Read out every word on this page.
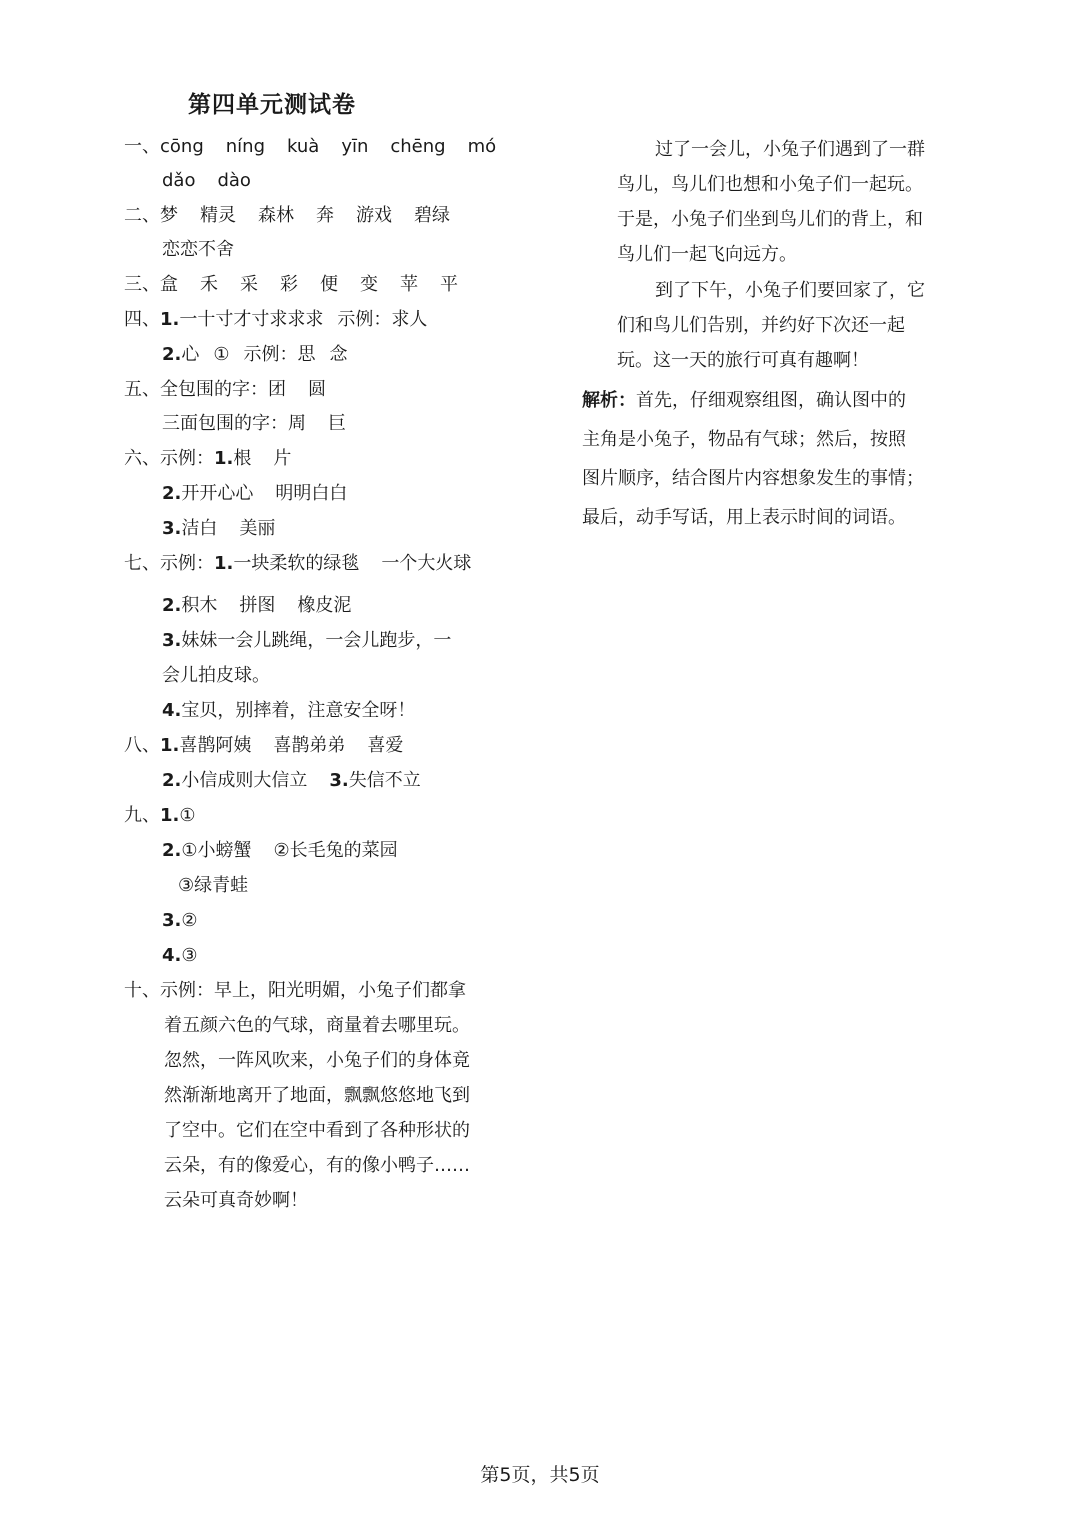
第四单元测试卷
一、cōng níng kuà yīn chēng mó
dǎo dào
二、梦 精灵 森林 奔 游戏 碧绿
恋恋不舍
三、盒 禾 采 彩 便 变 苹 平
四、1.一十寸才寸求求求 示例：求人
2.心 ① 示例：思 念
五、全包围的字：团 圆
三面包围的字：周 巨
六、示例：1.根 片
2.开开心心 明明白白
3.洁白 美丽
七、示例：1.一块柔软的绿毯 一个大火球
2.积木 拼图 橡皮泥
3.妹妹一会儿跳绳，一会儿跑步，一
会儿拍皮球。
4.宝贝，别摔着，注意安全呀！
八、1.喜鹊阿姨 喜鹊弟弟 喜爱
2.小信成则大信立 3.失信不立
九、1.①
2.①小螃蟹 ②长毛兔的菜园
③绿青蛙
3.②
4.③
十、示例：早上，阳光明媚，小兔子们都拿
着五颜六色的气球，商量着去哪里玩。
忽然，一阵风吹来，小兔子们的身体竟
然渐渐地离开了地面，飘飘悠悠地飞到
了空中。它们在空中看到了各种形状的
云朵，有的像爱心，有的像小鸭子……
云朵可真奇妙啊！
过了一会儿，小兔子们遇到了一群
鸟儿，鸟儿们也想和小兔子们一起玩。
于是，小兔子们坐到鸟儿们的背上，和
鸟儿们一起飞向远方。
到了下午，小兔子们要回家了，它
们和鸟儿们告别，并约好下次还一起
玩。这一天的旅行可真有趣啊！
解析：首先，仔细观察组图，确认图中的
主角是小兔子，物品有气球；然后，按照
图片顺序，结合图片内容想象发生的事情；
最后，动手写话，用上表示时间的词语。
第5页，共5页
